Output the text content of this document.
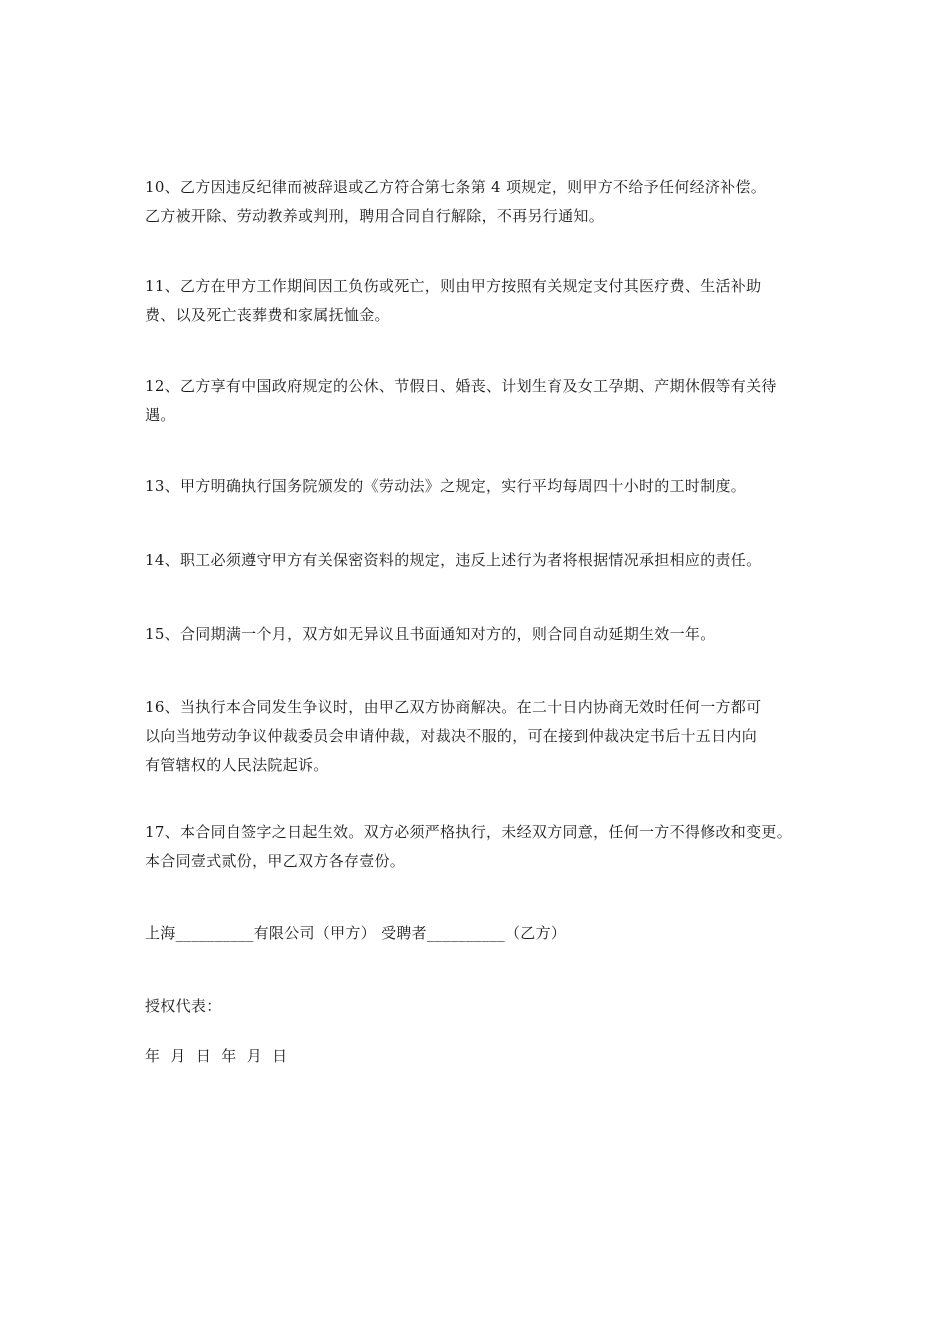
10、乙方因违反纪律而被辞退或乙方符合第七条第 4 项规定，则甲方不给予任何经济补偿。
乙方被开除、劳动教养或判刑，聘用合同自行解除，不再另行通知。
11、乙方在甲方工作期间因工负伤或死亡，则由甲方按照有关规定支付其医疗费、生活补助
费、以及死亡丧葬费和家属抚恤金。
12、乙方享有中国政府规定的公休、节假日、婚丧、计划生育及女工孕期、产期休假等有关待
遇。
13、甲方明确执行国务院颁发的《劳动法》之规定，实行平均每周四十小时的工时制度。
14、职工必须遵守甲方有关保密资料的规定，违反上述行为者将根据情况承担相应的责任。
15、合同期满一个月，双方如无异议且书面通知对方的，则合同自动延期生效一年。
16、当执行本合同发生争议时，由甲乙双方协商解决。在二十日内协商无效时任何一方都可
以向当地劳动争议仲裁委员会申请仲裁，对裁决不服的，可在接到仲裁决定书后十五日内向
有管辖权的人民法院起诉。
17、本合同自签字之日起生效。双方必须严格执行，未经双方同意，任何一方不得修改和变更。
本合同壹式贰份，甲乙双方各存壹份。

上海__________有限公司（甲方） 受聘者__________（乙方）

授权代表：

年  月  日  年  月  日
